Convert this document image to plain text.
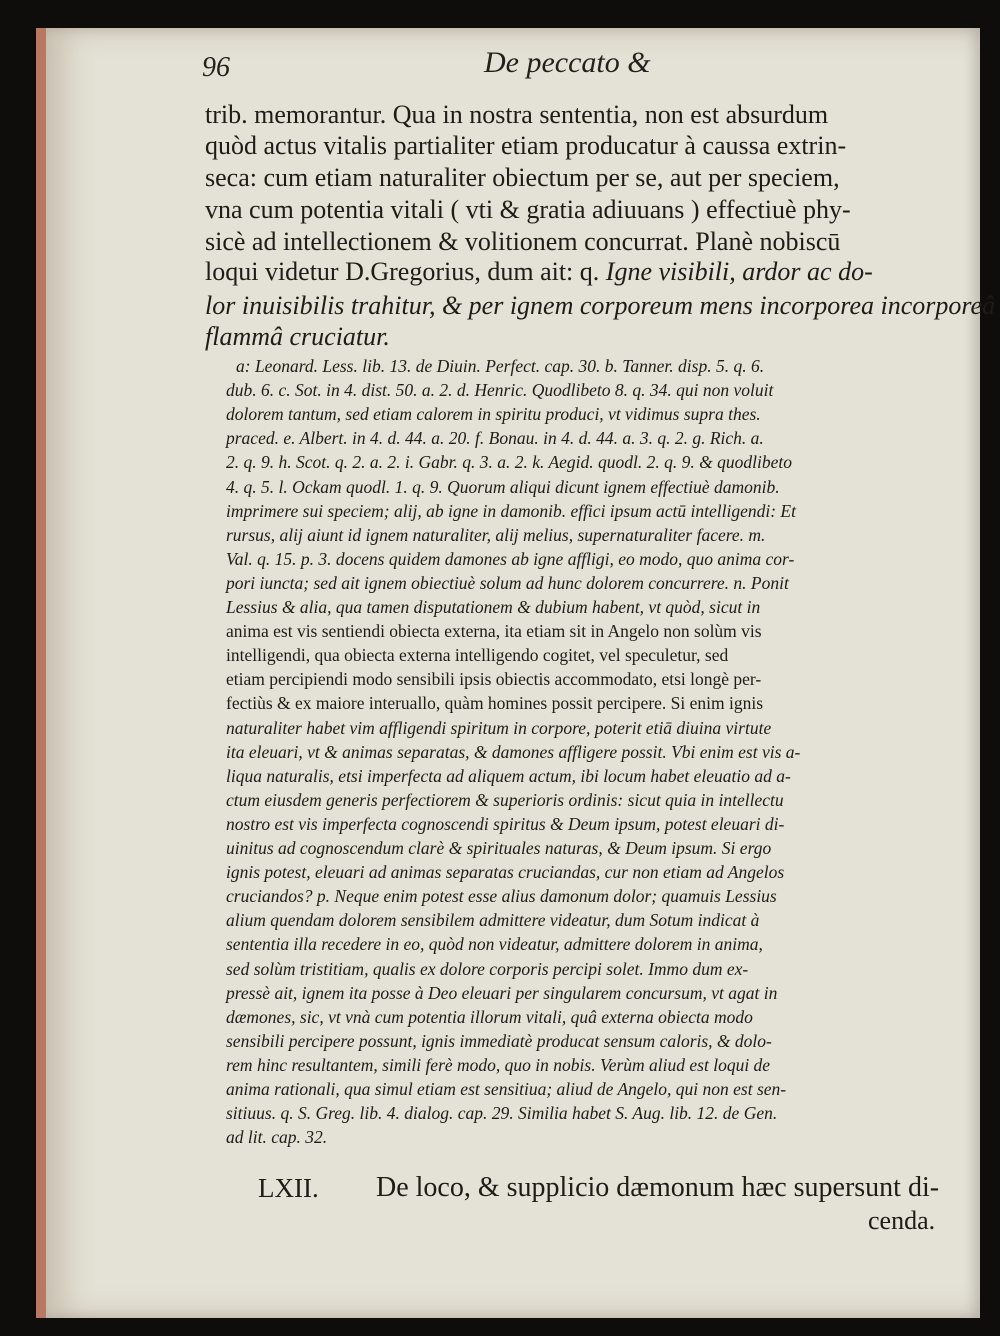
96	De peccato &
trib. memorantur. Qua in nostra sententia, non est absurdum
quòd actus vitalis partialiter etiam producatur à caussa extrin-
seca: cum etiam naturaliter obiectum per se, aut per speciem,
vna cum potentia vitali ( vti & gratia adiuuans ) effectiuè phy-
sicè ad intellectionem & volitionem concurrat. Planè nobiscū
loqui videtur D.Gregorius, dum ait: q. Igne visibili, ardor ac do-
lor inuisibilis trahitur, & per ignem corporeum mens incorporea incorporeâ
flammâ cruciatur.
a: Leonard. Less. lib. 13. de Diuin. Perfect. cap. 30. b. Tanner. disp. 5. q. 6.
dub. 6. c. Sot. in 4. dist. 50. a. 2. d. Henric. Quodlibeto 8. q. 34. qui non voluit
dolorem tantum, sed etiam calorem in spiritu produci, vt vidimus supra thes.
praced. e. Albert. in 4. d. 44. a. 20. f. Bonau. in 4. d. 44. a. 3. q. 2. g. Rich. a.
2. q. 9. h. Scot. q. 2. a. 2. i. Gabr. q. 3. a. 2. k. Aegid. quodl. 2. q. 9. & quodlibeto
4. q. 5. l. Ockam quodl. 1. q. 9. Quorum aliqui dicunt ignem effectiuè damonib.
imprimere sui speciem; alij, ab igne in damonib. effici ipsum actū intelligendi: Et
rursus, alij aiunt id ignem naturaliter, alij melius, supernaturaliter facere. m.
Val. q. 15. p. 3. docens quidem damones ab igne affligi, eo modo, quo anima cor-
pori iuncta; sed ait ignem obiectiuè solum ad hunc dolorem concurrere. n. Ponit
Lessius & alia, qua tamen disputationem & dubium habent, vt quòd, sicut in
anima est vis sentiendi obiecta externa, ita etiam sit in Angelo non solùm vis
intelligendi, qua obiecta externa intelligendo cogitet, vel speculetur, sed
etiam percipiendi modo sensibili ipsis obiectis accommodato, etsi longè per-
fectiùs & ex maiore interuallo, quàm homines possit percipere. Si enim ignis
naturaliter habet vim affligendi spiritum in corpore, poterit etiā diuina virtute
ita eleuari, vt & animas separatas, & damones affligere possit. Vbi enim est vis a-
liqua naturalis, etsi imperfecta ad aliquem actum, ibi locum habet eleuatio ad a-
ctum eiusdem generis perfectiorem & superioris ordinis: sicut quia in intellectu
nostro est vis imperfecta cognoscendi spiritus & Deum ipsum, potest eleuari di-
uinitus ad cognoscendum clarè & spirituales naturas, & Deum ipsum. Si ergo
ignis potest, eleuari ad animas separatas cruciandas, cur non etiam ad Angelos
cruciandos? p. Neque enim potest esse alius damonum dolor; quamuis Lessius
alium quendam dolorem sensibilem admittere videatur, dum Sotum indicat à
sententia illa recedere in eo, quòd non videatur, admittere dolorem in anima,
sed solùm tristitiam, qualis ex dolore corporis percipi solet. Immo dum ex-
pressè ait, ignem ita posse à Deo eleuari per singularem concursum, vt agat in
dæmones, sic, vt vnà cum potentia illorum vitali, quâ externa obiecta modo
sensibili percipere possunt, ignis immediatè producat sensum caloris, & dolo-
rem hinc resultantem, simili ferè modo, quo in nobis. Verùm aliud est loqui de
anima rationali, qua simul etiam est sensitiua; aliud de Angelo, qui non est sen-
sitiuus. q. S. Greg. lib. 4. dialog. cap. 29. Similia habet S. Aug. lib. 12. de Gen.
ad lit. cap. 32.
LXII. De loco, & supplicio dæmonum hæc supersunt di-
cenda.
